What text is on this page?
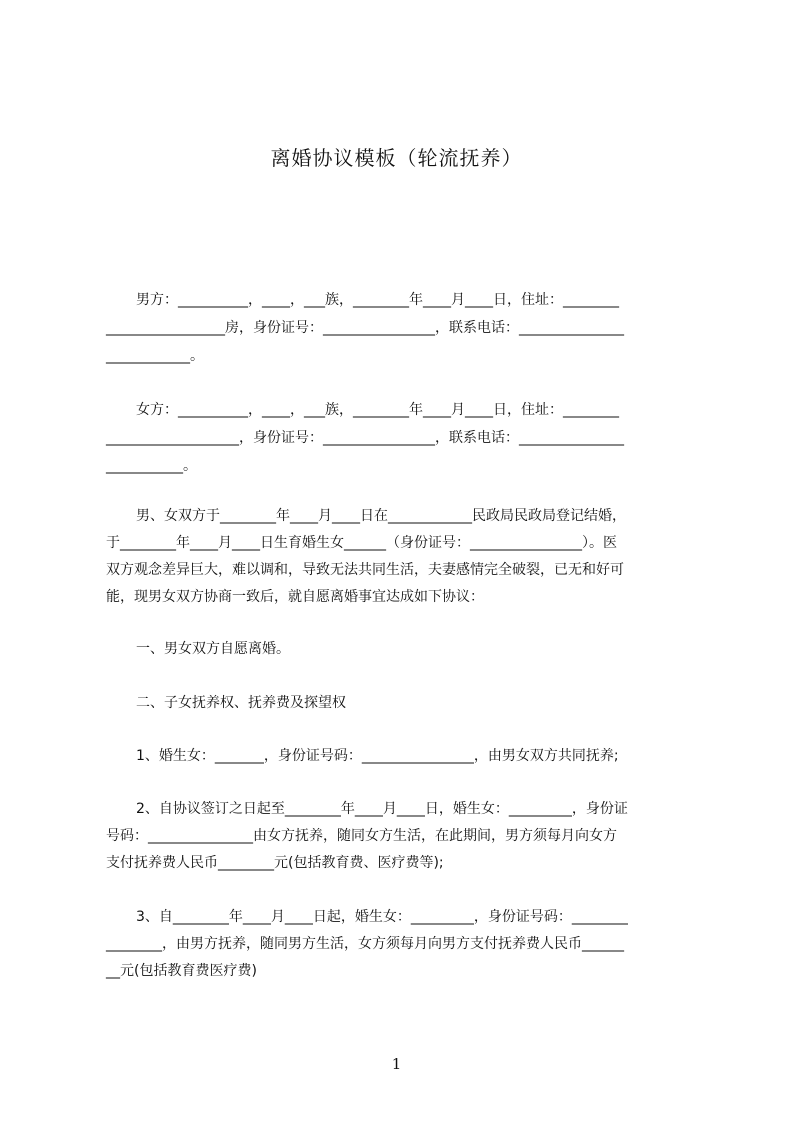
离婚协议模板（轮流抚养）
男方：__________，____，___族，________年____月____日，住址：________
_________________房，身份证号：________________，联系电话：_______________
____________。
女方：__________，____，___族，________年____月____日，住址：________
___________________，身份证号：________________，联系电话：_______________
___________。
男、女双方于________年____月____日在____________民政局民政局登记结婚，
于________年____月____日生育婚生女______（身份证号：________________）。医
双方观念差异巨大，难以调和，导致无法共同生活，夫妻感情完全破裂，已无和好可
能，现男女双方协商一致后，就自愿离婚事宜达成如下协议：
一、男女双方自愿离婚。
二、子女抚养权、抚养费及探望权
1、婚生女：_______，身份证号码：________________，由男女双方共同抚养;
2、自协议签订之日起至________年____月____日，婚生女：_________，身份证
号码：_______________由女方抚养，随同女方生活，在此期间，男方须每月向女方
支付抚养费人民币________元(包括教育费、医疗费等);
3、自________年____月____日起，婚生女：_________，身份证号码：________
________，由男方抚养，随同男方生活，女方须每月向男方支付抚养费人民币______
__元(包括教育费医疗费)
1
